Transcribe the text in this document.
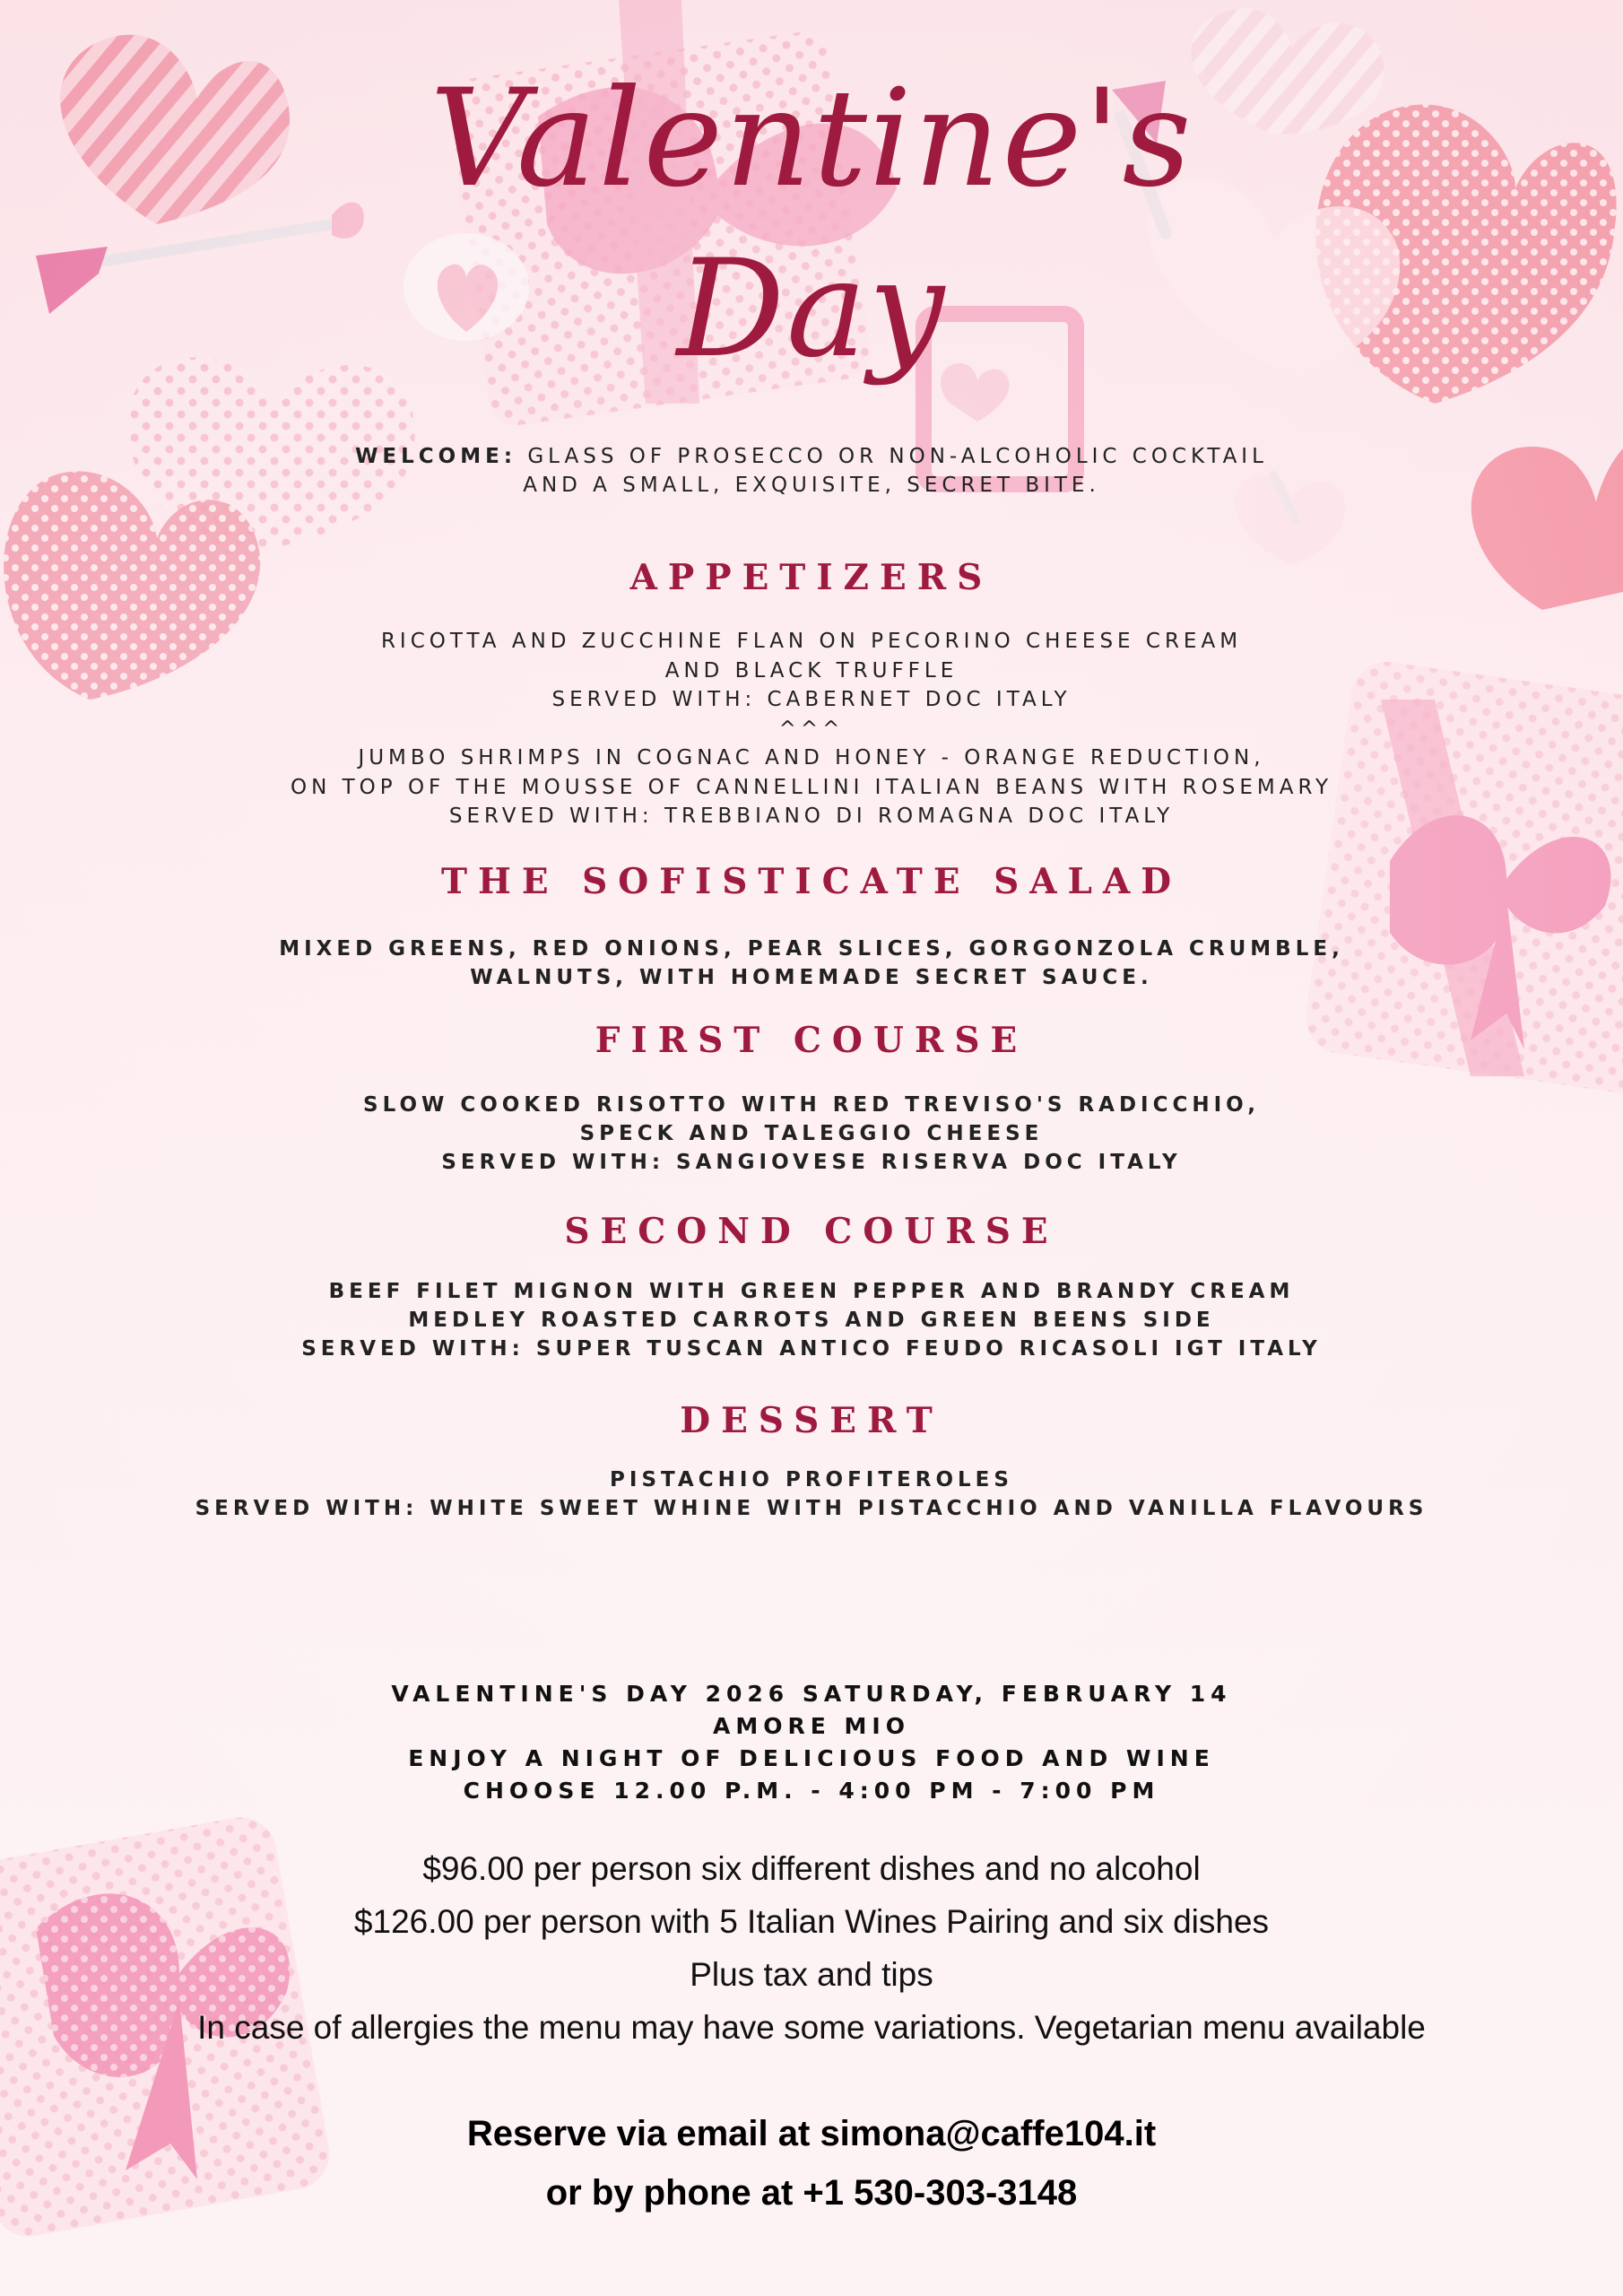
Valentine's
Day
WELCOME: GLASS OF PROSECCO OR NON-ALCOHOLIC COCKTAIL
AND A SMALL, EXQUISITE, SECRET BITE.
APPETIZERS
RICOTTA AND ZUCCHINE FLAN ON PECORINO CHEESE CREAM
AND BLACK TRUFFLE
SERVED WITH: CABERNET DOC ITALY
^^^
JUMBO SHRIMPS IN COGNAC AND HONEY - ORANGE REDUCTION,
ON TOP OF THE MOUSSE OF CANNELLINI ITALIAN BEANS WITH ROSEMARY
SERVED WITH: TREBBIANO DI ROMAGNA DOC ITALY
THE SOFISTICATE SALAD
MIXED GREENS, RED ONIONS, PEAR SLICES, GORGONZOLA CRUMBLE,
WALNUTS, WITH HOMEMADE SECRET SAUCE.
FIRST COURSE
SLOW COOKED RISOTTO WITH RED TREVISO'S RADICCHIO,
SPECK AND TALEGGIO CHEESE
SERVED WITH: SANGIOVESE RISERVA DOC ITALY
SECOND COURSE
BEEF FILET MIGNON WITH GREEN PEPPER AND BRANDY CREAM
MEDLEY ROASTED CARROTS AND GREEN BEENS SIDE
SERVED WITH: SUPER TUSCAN ANTICO FEUDO RICASOLI IGT ITALY
DESSERT
PISTACHIO PROFITEROLES
SERVED WITH: WHITE SWEET WHINE WITH PISTACCHIO AND VANILLA FLAVOURS
VALENTINE'S DAY 2026 SATURDAY, FEBRUARY 14
AMORE MIO
ENJOY A NIGHT OF DELICIOUS FOOD AND WINE
CHOOSE 12.00 P.M. - 4:00 PM - 7:00 PM
$96.00 per person six different dishes and no alcohol
$126.00 per person with 5 Italian Wines Pairing and six dishes
Plus tax and tips
In case of allergies the menu may have some variations. Vegetarian menu available
Reserve via email at simona@caffe104.it
or by phone at +1 530-303-3148
